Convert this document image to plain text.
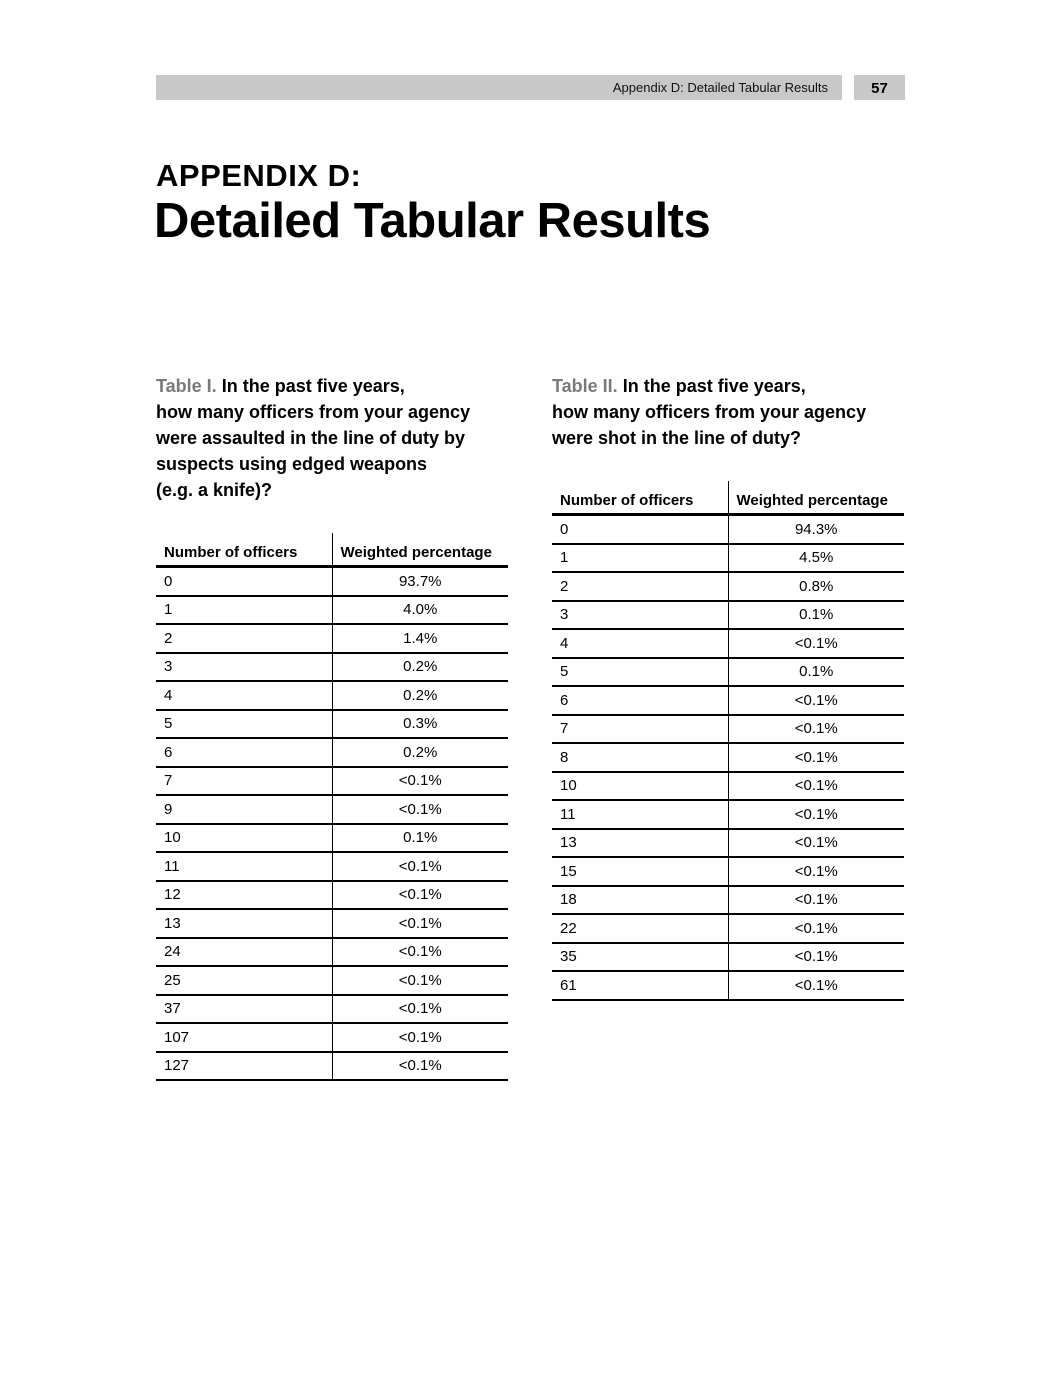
Appendix D: Detailed Tabular Results	57
APPENDIX D:
Detailed Tabular Results
Table I. In the past five years,
how many officers from your agency
were assaulted in the line of duty by
suspects using edged weapons
(e.g. a knife)?
Table II. In the past five years,
how many officers from your agency
were shot in the line of duty?
Number of officers	Weighted percentage
0	93.7%
1	4.0%
2	1.4%
3	0.2%
4	0.2%
5	0.3%
6	0.2%
7	<0.1%
9	<0.1%
10	0.1%
11	<0.1%
12	<0.1%
13	<0.1%
24	<0.1%
25	<0.1%
37	<0.1%
107	<0.1%
127	<0.1%
Number of officers	Weighted percentage
0	94.3%
1	4.5%
2	0.8%
3	0.1%
4	<0.1%
5	0.1%
6	<0.1%
7	<0.1%
8	<0.1%
10	<0.1%
11	<0.1%
13	<0.1%
15	<0.1%
18	<0.1%
22	<0.1%
35	<0.1%
61	<0.1%
